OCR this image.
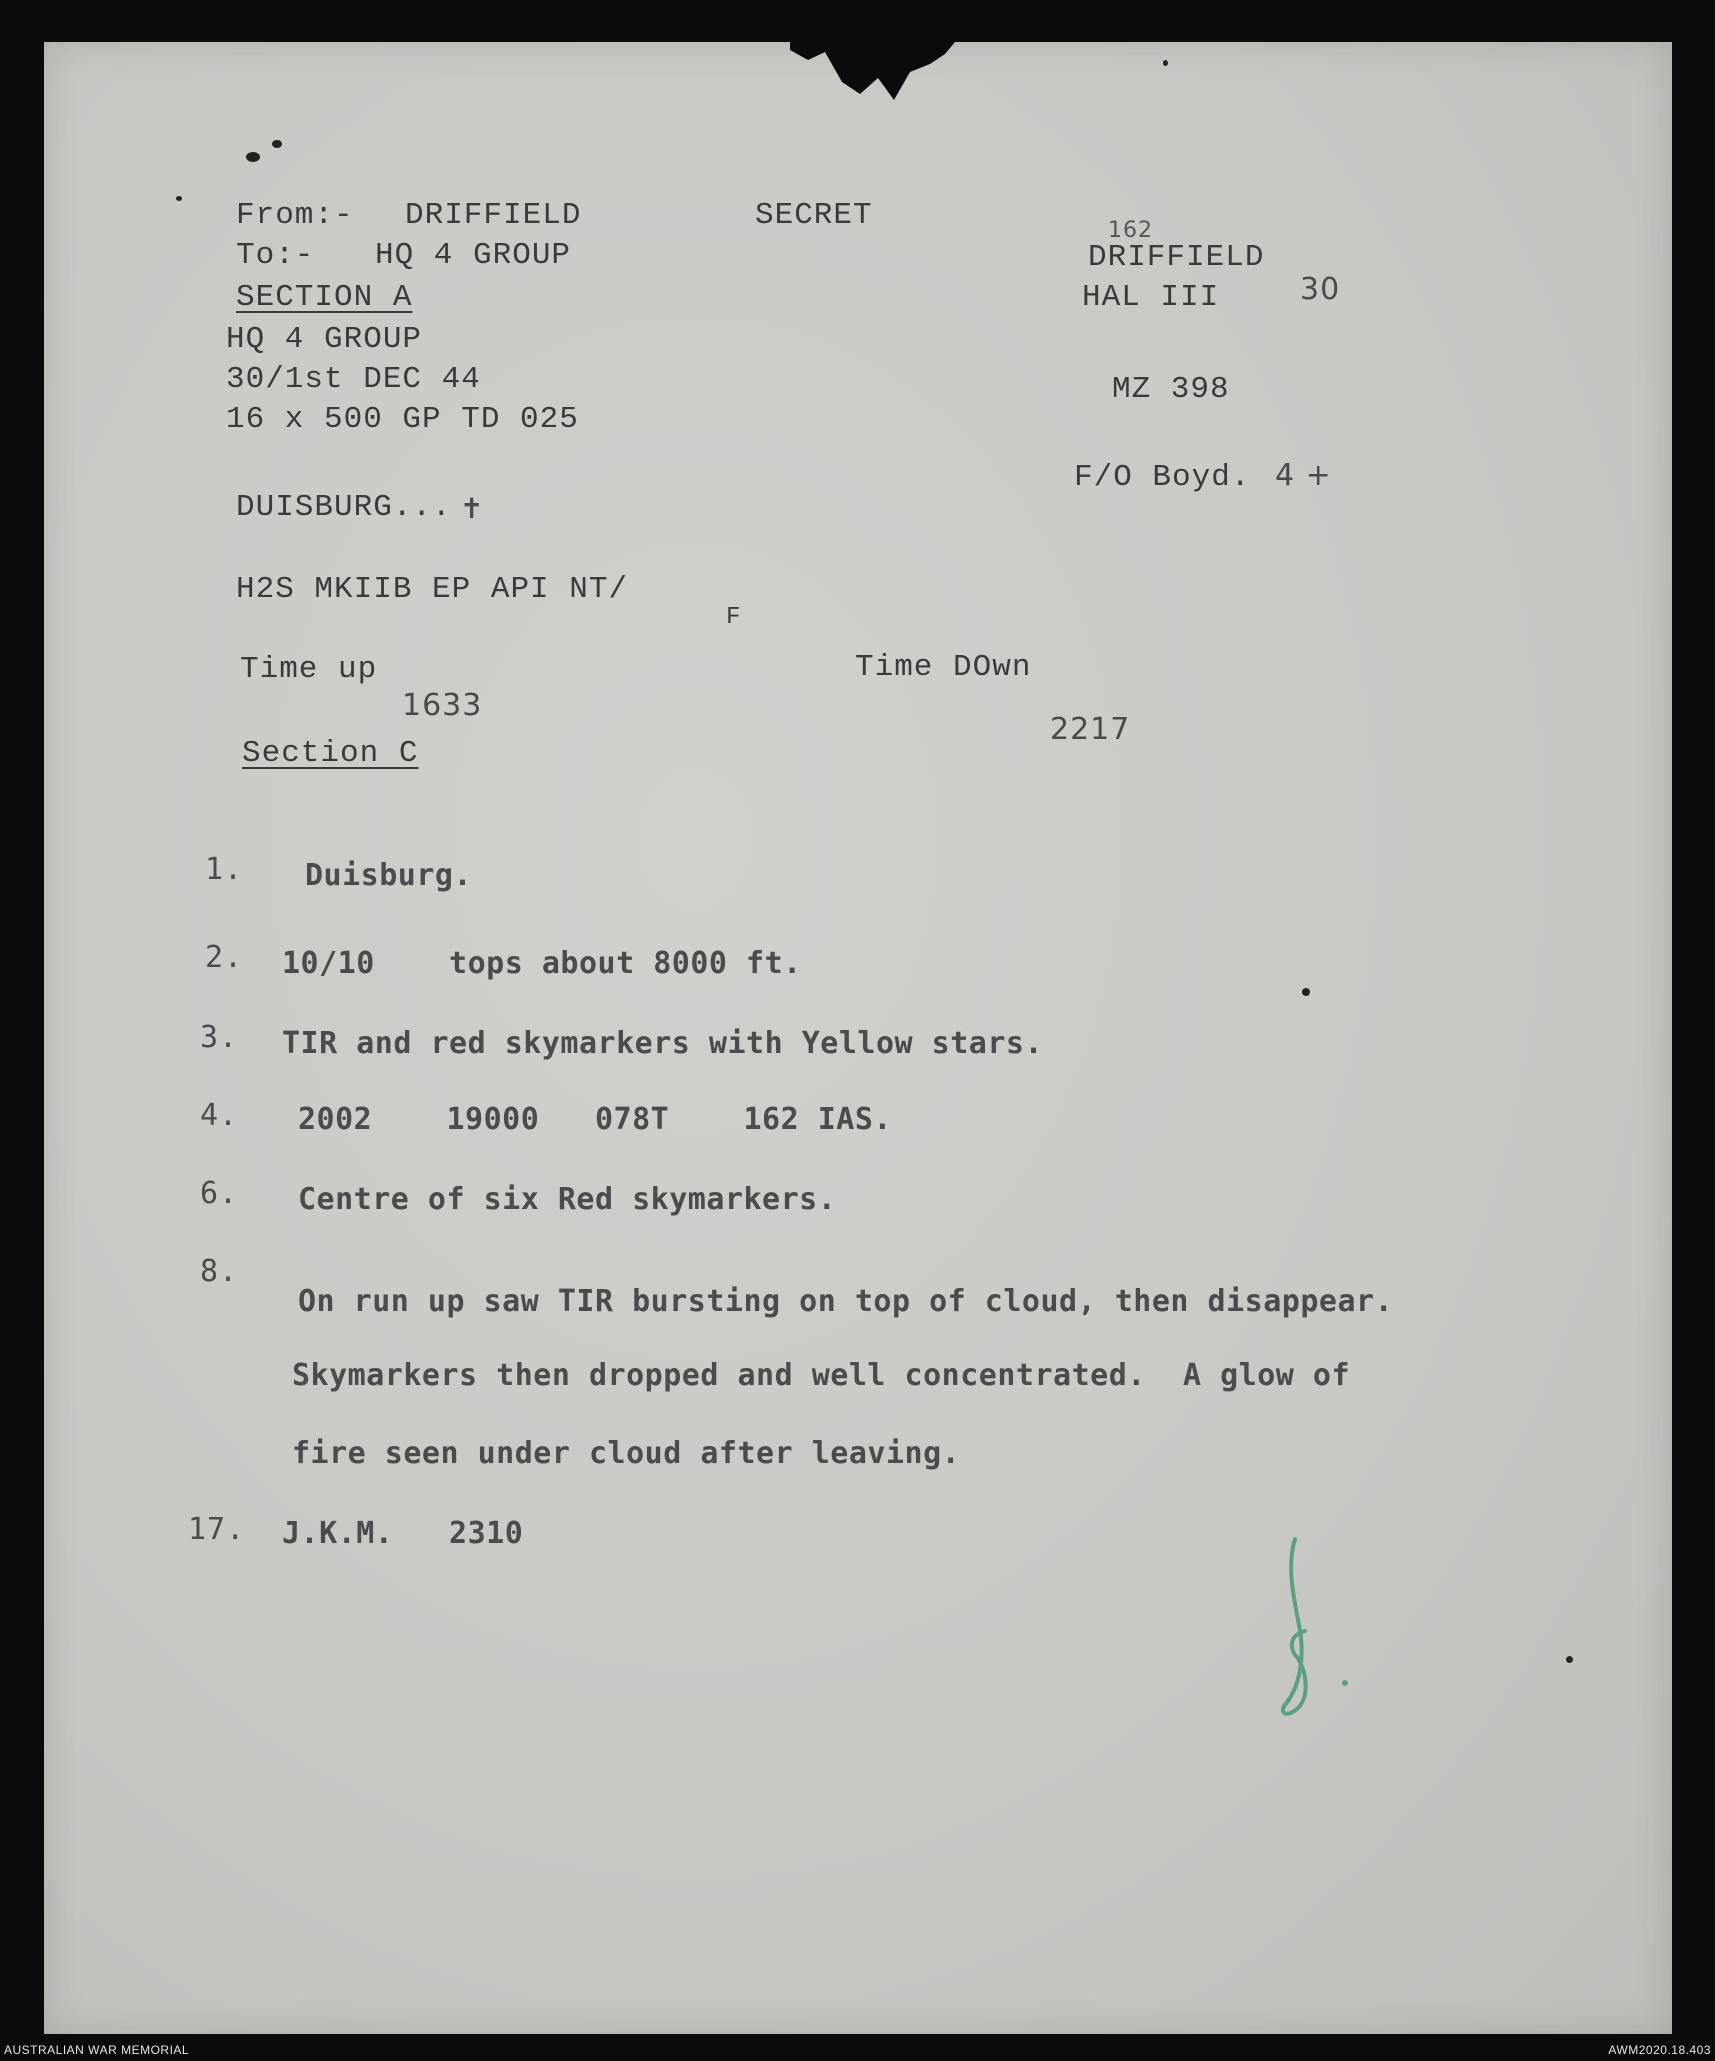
From:- DRIFFIELD	SECRET
To:- HQ 4 GROUP
SECTION A
HQ 4 GROUP
30/1st DEC 44
16 x 500 GP TD 025
DUISBURG... ✝
H2S MKIIB EP API NT/
F
Time up
1633
Time DOwn
2217
Section C
162
DRIFFIELD
HAL III	30
MZ 398
F/O Boyd. 4 +
1. Duisburg.
2. 10/10    tops about 8000 ft.
3. TIR and red skymarkers with Yellow stars.
4. 2002    19000   078T    162 IAS.
6. Centre of six Red skymarkers.
8.
On run up saw TIR bursting on top of cloud, then disappear.
Skymarkers then dropped and well concentrated.  A glow of
fire seen under cloud after leaving.
17. J.K.M.   2310
AUSTRALIAN WAR MEMORIAL	AWM2020.18.403
